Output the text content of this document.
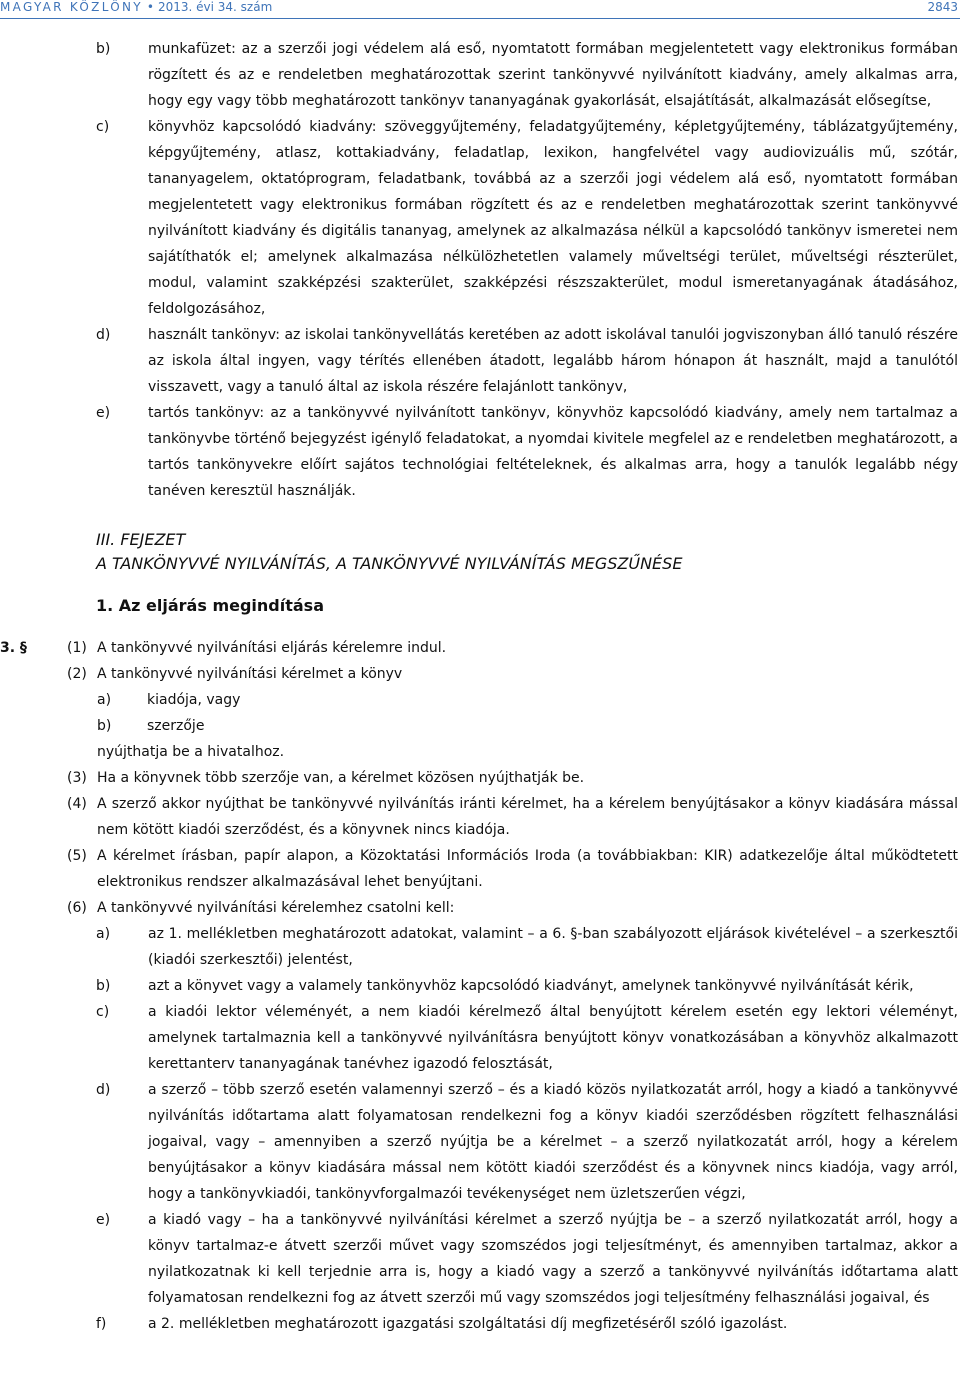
MAGYAR KÖZLÖNY • 2013. évi 34. szám	2843
b)	munkafüzet: az a szerzői jogi védelem alá eső, nyomtatott formában megjelentetett vagy elektronikus formában rögzített és az e rendeletben meghatározottak szerint tankönyvvé nyilvánított kiadvány, amely alkalmas arra, hogy egy vagy több meghatározott tankönyv tananyagának gyakorlását, elsajátítását, alkalmazását elősegítse,
c)	könyvhöz kapcsolódó kiadvány: szöveggyűjtemény, feladatgyűjtemény, képletgyűjtemény, táblázatgyűjtemény, képgyűjtemény, atlasz, kottakiadvány, feladatlap, lexikon, hangfelvétel vagy audiovizuális mű, szótár, tananyagelem, oktatóprogram, feladatbank, továbbá az a szerzői jogi védelem alá eső, nyomtatott formában megjelentetett vagy elektronikus formában rögzített és az e rendeletben meghatározottak szerint tankönyvvé nyilvánított kiadvány és digitális tananyag, amelynek az alkalmazása nélkül a kapcsolódó tankönyv ismeretei nem sajátíthatók el; amelynek alkalmazása nélkülözhetetlen valamely műveltségi terület, műveltségi részterület, modul, valamint szakképzési szakterület, szakképzési részszakterület, modul ismeretanyagának átadásához, feldolgozásához,
d)	használt tankönyv: az iskolai tankönyvellátás keretében az adott iskolával tanulói jogviszonyban álló tanuló részére az iskola által ingyen, vagy térítés ellenében átadott, legalább három hónapon át használt, majd a tanulótól visszavett, vagy a tanuló által az iskola részére felajánlott tankönyv,
e)	tartós tankönyv: az a tankönyvvé nyilvánított tankönyv, könyvhöz kapcsolódó kiadvány, amely nem tartalmaz a tankönyvbe történő bejegyzést igénylő feladatokat, a nyomdai kivitele megfelel az e rendeletben meghatározott, a tartós tankönyvekre előírt sajátos technológiai feltételeknek, és alkalmas arra, hogy a tanulók legalább négy tanéven keresztül használják.
III. FEJEZET
A TANKÖNYVVÉ NYILVÁNÍTÁS, A TANKÖNYVVÉ NYILVÁNÍTÁS MEGSZŰNÉSE
1. Az eljárás megindítása
3. §	(1) A tankönyvvé nyilvánítási eljárás kérelemre indul.
(2) A tankönyvvé nyilvánítási kérelmet a könyv
a)	kiadója, vagy
b)	szerzője
nyújthatja be a hivatalhoz.
(3) Ha a könyvnek több szerzője van, a kérelmet közösen nyújthatják be.
(4) A szerző akkor nyújthat be tankönyvvé nyilvánítás iránti kérelmet, ha a kérelem benyújtásakor a könyv kiadására mással nem kötött kiadói szerződést, és a könyvnek nincs kiadója.
(5) A kérelmet írásban, papír alapon, a Közoktatási Információs Iroda (a továbbiakban: KIR) adatkezelője által működtetett elektronikus rendszer alkalmazásával lehet benyújtani.
(6) A tankönyvvé nyilvánítási kérelemhez csatolni kell:
a)	az 1. mellékletben meghatározott adatokat, valamint – a 6. §-ban szabályozott eljárások kivételével – a szerkesztői (kiadói szerkesztői) jelentést,
b)	azt a könyvet vagy a valamely tankönyvhöz kapcsolódó kiadványt, amelynek tankönyvvé nyilvánítását kérik,
c)	a kiadói lektor véleményét, a nem kiadói kérelmező által benyújtott kérelem esetén egy lektori véleményt, amelynek tartalmaznia kell a tankönyvvé nyilvánításra benyújtott könyv vonatkozásában a könyvhöz alkalmazott kerettanterv tananyagának tanévhez igazodó felosztását,
d)	a szerző – több szerző esetén valamennyi szerző – és a kiadó közös nyilatkozatát arról, hogy a kiadó a tankönyvvé nyilvánítás időtartama alatt folyamatosan rendelkezni fog a könyv kiadói szerződésben rögzített felhasználási jogaival, vagy – amennyiben a szerző nyújtja be a kérelmet – a szerző nyilatkozatát arról, hogy a kérelem benyújtásakor a könyv kiadására mással nem kötött kiadói szerződést és a könyvnek nincs kiadója, vagy arról, hogy a tankönyvkiadói, tankönyvforgalmazói tevékenységet nem üzletszerűen végzi,
e)	a kiadó vagy – ha a tankönyvvé nyilvánítási kérelmet a szerző nyújtja be – a szerző nyilatkozatát arról, hogy a könyv tartalmaz-e átvett szerzői művet vagy szomszédos jogi teljesítményt, és amennyiben tartalmaz, akkor a nyilatkozatnak ki kell terjednie arra is, hogy a kiadó vagy a szerző a tankönyvvé nyilvánítás időtartama alatt folyamatosan rendelkezni fog az átvett szerzői mű vagy szomszédos jogi teljesítmény felhasználási jogaival, és
f)	a 2. mellékletben meghatározott igazgatási szolgáltatási díj megfizetéséről szóló igazolást.
